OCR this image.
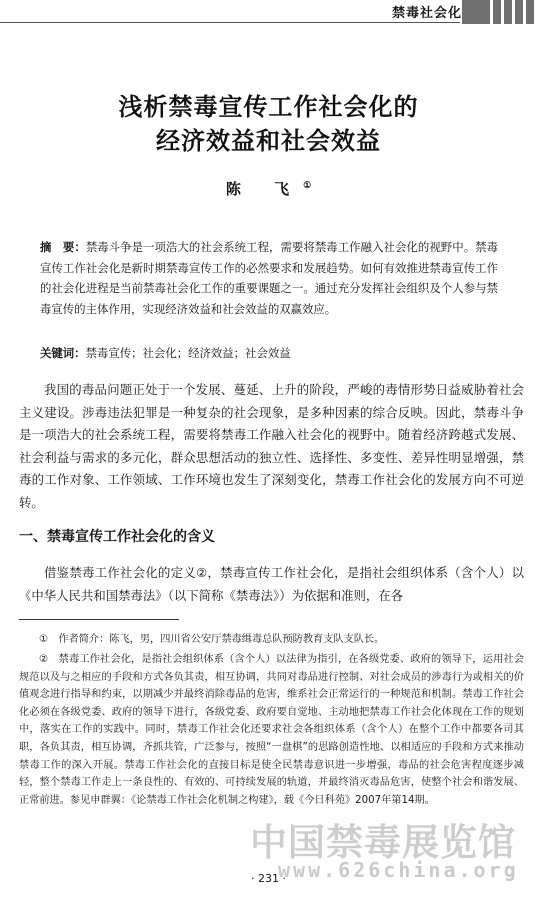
禁毒社会化
浅析禁毒宣传工作社会化的
经济效益和社会效益
陈 飞①
摘　要：禁毒斗争是一项浩大的社会系统工程，需要将禁毒工作融入社会化的视野中。禁毒宣传工作社会化是新时期禁毒宣传工作的必然要求和发展趋势。如何有效推进禁毒宣传工作的社会化进程是当前禁毒社会化工作的重要课题之一。通过充分发挥社会组织及个人参与禁毒宣传的主体作用，实现经济效益和社会效益的双赢效应。
关键词：禁毒宣传；社会化；经济效益；社会效益
我国的毒品问题正处于一个发展、蔓延、上升的阶段，严峻的毒情形势日益威胁着社会主义建设。涉毒违法犯罪是一种复杂的社会现象，是多种因素的综合反映。因此，禁毒斗争是一项浩大的社会系统工程，需要将禁毒工作融入社会化的视野中。随着经济跨越式发展、社会利益与需求的多元化，群众思想活动的独立性、选择性、多变性、差异性明显增强，禁毒的工作对象、工作领域、工作环境也发生了深刻变化，禁毒工作社会化的发展方向不可逆转。
一、禁毒宣传工作社会化的含义
借鉴禁毒工作社会化的定义②，禁毒宣传工作社会化，是指社会组织体系（含个人）以《中华人民共和国禁毒法》（以下简称《禁毒法》）为依据和准则，在各
①　作者简介：陈飞，男，四川省公安厅禁毒缉毒总队预防教育支队支队长。
②　禁毒工作社会化，是指社会组织体系（含个人）以法律为指引，在各级党委、政府的领导下，运用社会规范以及与之相应的手段和方式各负其责，相互协调，共同对毒品进行控制、对社会成员的涉毒行为或相关的价值观念进行指导和约束，以期减少并最终消除毒品的危害，维系社会正常运行的一种规范和机制。禁毒工作社会化必须在各级党委、政府的领导下进行，各级党委、政府要自觉地、主动地把禁毒工作社会化体现在工作的规划中，落实在工作的实践中。同时，禁毒工作社会化还要求社会各组织体系（含个人）在整个工作中都要各司其职，各负其责，相互协调，齐抓共管，广泛参与，按照“一盘棋”的思路创造性地、以相适应的手段和方式来推动禁毒工作的深入开展。禁毒工作社会化的直接目标是使全民禁毒意识进一步增强，毒品的社会危害程度逐步减轻，整个禁毒工作走上一条良性的、有效的、可持续发展的轨道，并最终消灭毒品危害，使整个社会和谐发展、正常前进。参见申群翼：《论禁毒工作社会化机制之构建》，载《今日科苑》2007年第14期。
中国禁毒展览馆
www.626china.org
· 231 ·
